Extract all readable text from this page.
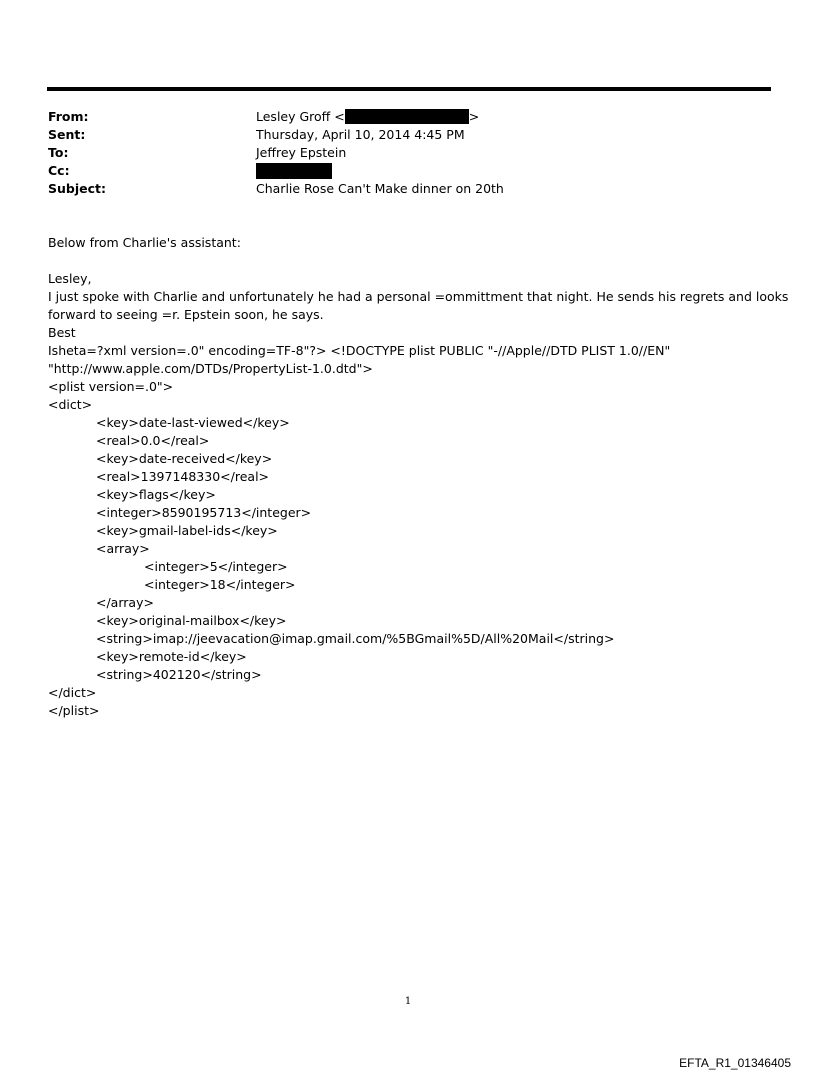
From:	Lesley Groff <	>
Sent:	Thursday, April 10, 2014 4:45 PM
To:	Jeffrey Epstein
Cc:
Subject:	Charlie Rose Can't Make dinner on 20th
Below from Charlie's assistant:
Lesley,
I just spoke with Charlie and unfortunately he had a personal =ommittment that night. He sends his regrets and looks
forward to seeing =r. Epstein soon, he says.
Best
Isheta=?xml version=.0" encoding=TF-8"?> <!DOCTYPE plist PUBLIC "-//Apple//DTD PLIST 1.0//EN"
"http://www.apple.com/DTDs/PropertyList-1.0.dtd">
<plist version=.0">
<dict>
<key>date-last-viewed</key>
<real>0.0</real>
<key>date-received</key>
<real>1397148330</real>
<key>flags</key>
<integer>8590195713</integer>
<key>gmail-label-ids</key>
<array>
<integer>5</integer>
<integer>18</integer>
</array>
<key>original-mailbox</key>
<string>imap://jeevacation@imap.gmail.com/%5BGmail%5D/All%20Mail</string>
<key>remote-id</key>
<string>402120</string>
</dict>
</plist>
1
EFTA_R1_01346405
